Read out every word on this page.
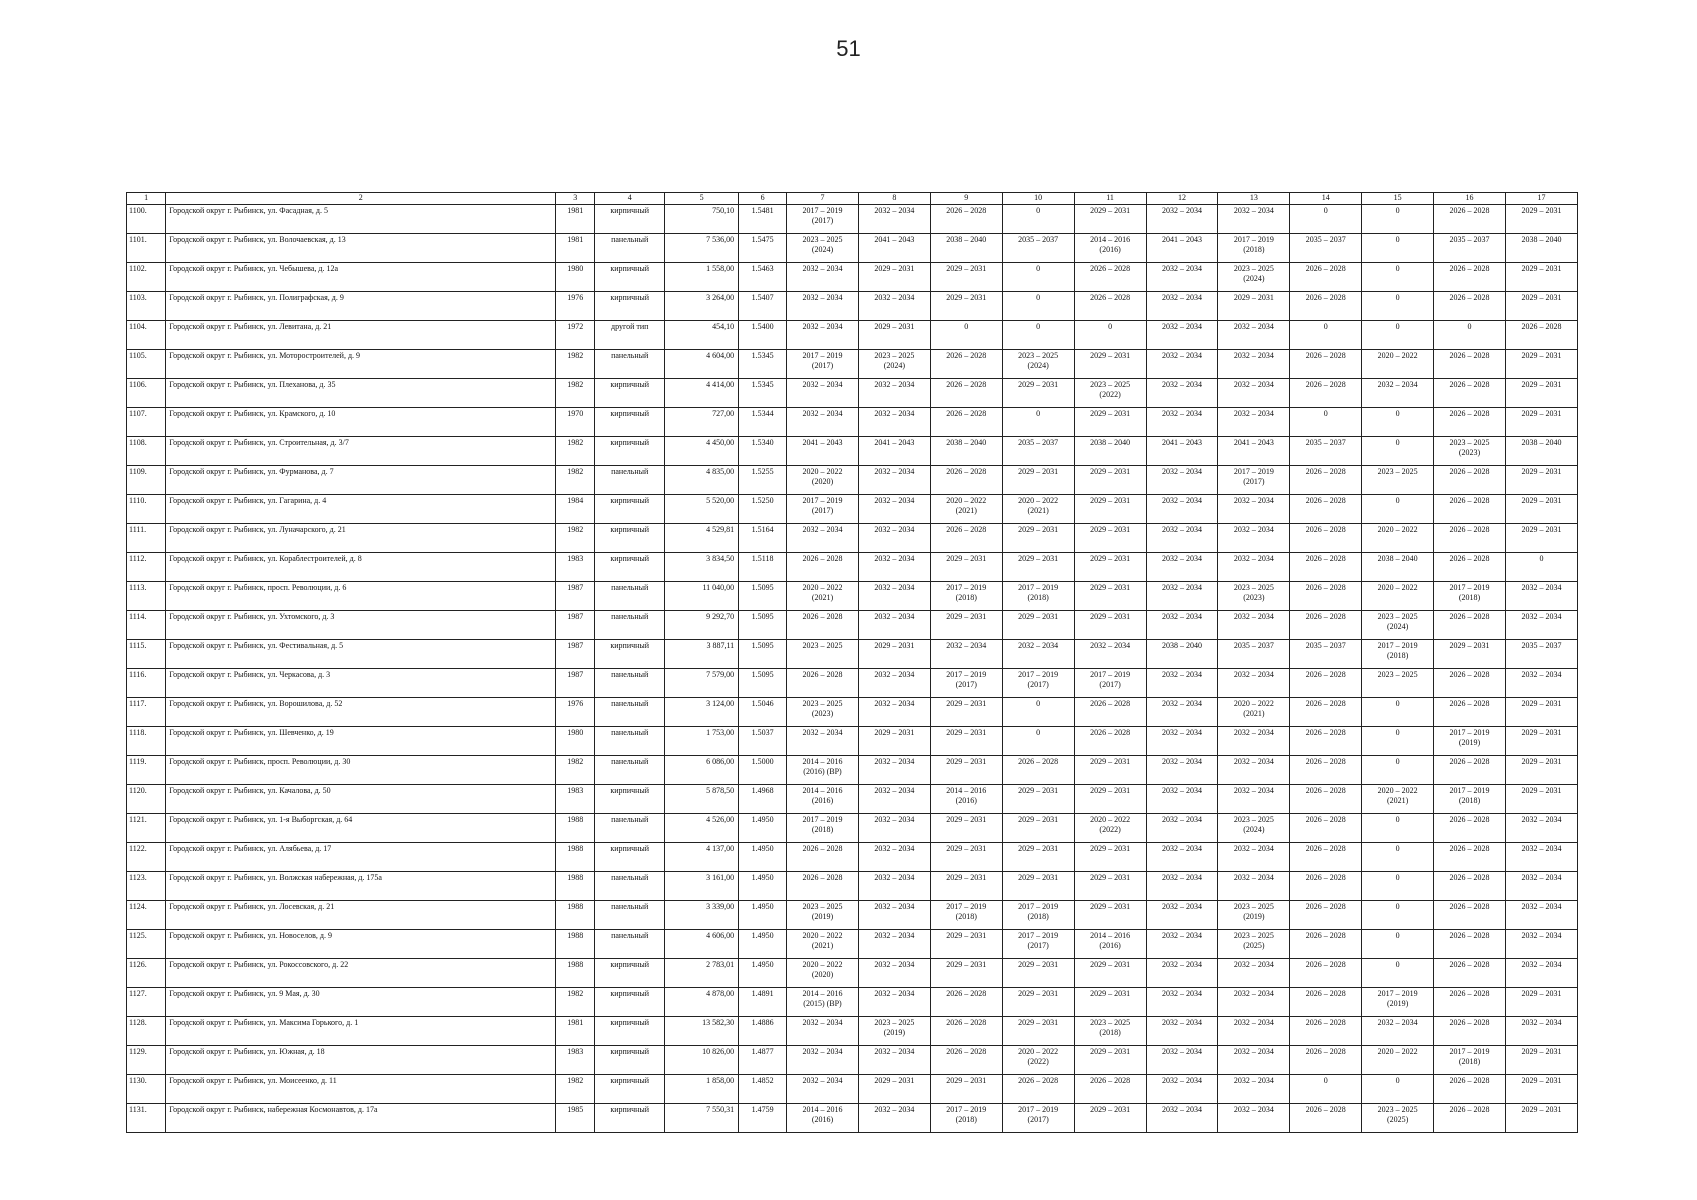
51
1	2	3	4	5	6	7	8	9	10	11	12	13	14	15	16	17
1100.	Городской округ г. Рыбинск, ул. Фасадная, д. 5	1981	кирпичный	750,10	1.5481	2017 – 2019
(2017)	2032 – 2034	2026 – 2028	0	2029 – 2031	2032 – 2034	2032 – 2034	0	0	2026 – 2028	2029 – 2031
1101.	Городской округ г. Рыбинск, ул. Волочаевская, д. 13	1981	панельный	7 536,00	1.5475	2023 – 2025
(2024)	2041 – 2043	2038 – 2040	2035 – 2037	2014 – 2016
(2016)	2041 – 2043	2017 – 2019
(2018)	2035 – 2037	0	2035 – 2037	2038 – 2040
1102.	Городской округ г. Рыбинск, ул. Чебышева, д. 12а	1980	кирпичный	1 558,00	1.5463	2032 – 2034	2029 – 2031	2029 – 2031	0	2026 – 2028	2032 – 2034	2023 – 2025
(2024)	2026 – 2028	0	2026 – 2028	2029 – 2031
1103.	Городской округ г. Рыбинск, ул. Полиграфская, д. 9	1976	кирпичный	3 264,00	1.5407	2032 – 2034	2032 – 2034	2029 – 2031	0	2026 – 2028	2032 – 2034	2029 – 2031	2026 – 2028	0	2026 – 2028	2029 – 2031
1104.	Городской округ г. Рыбинск, ул. Левитана, д. 21	1972	другой тип	454,10	1.5400	2032 – 2034	2029 – 2031	0	0	0	2032 – 2034	2032 – 2034	0	0	0	2026 – 2028
1105.	Городской округ г. Рыбинск, ул. Моторостроителей, д. 9	1982	панельный	4 604,00	1.5345	2017 – 2019
(2017)	2023 – 2025
(2024)	2026 – 2028	2023 – 2025
(2024)	2029 – 2031	2032 – 2034	2032 – 2034	2026 – 2028	2020 – 2022	2026 – 2028	2029 – 2031
1106.	Городской округ г. Рыбинск, ул. Плеханова, д. 35	1982	кирпичный	4 414,00	1.5345	2032 – 2034	2032 – 2034	2026 – 2028	2029 – 2031	2023 – 2025
(2022)	2032 – 2034	2032 – 2034	2026 – 2028	2032 – 2034	2026 – 2028	2029 – 2031
1107.	Городской округ г. Рыбинск, ул. Крамского, д. 10	1970	кирпичный	727,00	1.5344	2032 – 2034	2032 – 2034	2026 – 2028	0	2029 – 2031	2032 – 2034	2032 – 2034	0	0	2026 – 2028	2029 – 2031
1108.	Городской округ г. Рыбинск, ул. Строительная, д. 3/7	1982	кирпичный	4 450,00	1.5340	2041 – 2043	2041 – 2043	2038 – 2040	2035 – 2037	2038 – 2040	2041 – 2043	2041 – 2043	2035 – 2037	0	2023 – 2025
(2023)	2038 – 2040
1109.	Городской округ г. Рыбинск, ул. Фурманова, д. 7	1982	панельный	4 835,00	1.5255	2020 – 2022
(2020)	2032 – 2034	2026 – 2028	2029 – 2031	2029 – 2031	2032 – 2034	2017 – 2019
(2017)	2026 – 2028	2023 – 2025	2026 – 2028	2029 – 2031
1110.	Городской округ г. Рыбинск, ул. Гагарина, д. 4	1984	кирпичный	5 520,00	1.5250	2017 – 2019
(2017)	2032 – 2034	2020 – 2022
(2021)	2020 – 2022
(2021)	2029 – 2031	2032 – 2034	2032 – 2034	2026 – 2028	0	2026 – 2028	2029 – 2031
1111.	Городской округ г. Рыбинск, ул. Луначарского, д. 21	1982	кирпичный	4 529,81	1.5164	2032 – 2034	2032 – 2034	2026 – 2028	2029 – 2031	2029 – 2031	2032 – 2034	2032 – 2034	2026 – 2028	2020 – 2022	2026 – 2028	2029 – 2031
1112.	Городской округ г. Рыбинск, ул. Кораблестроителей, д. 8	1983	кирпичный	3 834,50	1.5118	2026 – 2028	2032 – 2034	2029 – 2031	2029 – 2031	2029 – 2031	2032 – 2034	2032 – 2034	2026 – 2028	2038 – 2040	2026 – 2028	0
1113.	Городской округ г. Рыбинск, просп. Революции, д. 6	1987	панельный	11 040,00	1.5095	2020 – 2022
(2021)	2032 – 2034	2017 – 2019
(2018)	2017 – 2019
(2018)	2029 – 2031	2032 – 2034	2023 – 2025
(2023)	2026 – 2028	2020 – 2022	2017 – 2019
(2018)	2032 – 2034
1114.	Городской округ г. Рыбинск, ул. Ухтомского, д. 3	1987	панельный	9 292,70	1.5095	2026 – 2028	2032 – 2034	2029 – 2031	2029 – 2031	2029 – 2031	2032 – 2034	2032 – 2034	2026 – 2028	2023 – 2025
(2024)	2026 – 2028	2032 – 2034
1115.	Городской округ г. Рыбинск, ул. Фестивальная, д. 5	1987	кирпичный	3 887,11	1.5095	2023 – 2025	2029 – 2031	2032 – 2034	2032 – 2034	2032 – 2034	2038 – 2040	2035 – 2037	2035 – 2037	2017 – 2019
(2018)	2029 – 2031	2035 – 2037
1116.	Городской округ г. Рыбинск, ул. Черкасова, д. 3	1987	панельный	7 579,00	1.5095	2026 – 2028	2032 – 2034	2017 – 2019
(2017)	2017 – 2019
(2017)	2017 – 2019
(2017)	2032 – 2034	2032 – 2034	2026 – 2028	2023 – 2025	2026 – 2028	2032 – 2034
1117.	Городской округ г. Рыбинск, ул. Ворошилова, д. 52	1976	панельный	3 124,00	1.5046	2023 – 2025
(2023)	2032 – 2034	2029 – 2031	0	2026 – 2028	2032 – 2034	2020 – 2022
(2021)	2026 – 2028	0	2026 – 2028	2029 – 2031
1118.	Городской округ г. Рыбинск, ул. Шевченко, д. 19	1980	панельный	1 753,00	1.5037	2032 – 2034	2029 – 2031	2029 – 2031	0	2026 – 2028	2032 – 2034	2032 – 2034	2026 – 2028	0	2017 – 2019
(2019)	2029 – 2031
1119.	Городской округ г. Рыбинск, просп. Революции, д. 30	1982	панельный	6 086,00	1.5000	2014 – 2016
(2016) (ВР)	2032 – 2034	2029 – 2031	2026 – 2028	2029 – 2031	2032 – 2034	2032 – 2034	2026 – 2028	0	2026 – 2028	2029 – 2031
1120.	Городской округ г. Рыбинск, ул. Качалова, д. 50	1983	кирпичный	5 878,50	1.4968	2014 – 2016
(2016)	2032 – 2034	2014 – 2016
(2016)	2029 – 2031	2029 – 2031	2032 – 2034	2032 – 2034	2026 – 2028	2020 – 2022
(2021)	2017 – 2019
(2018)	2029 – 2031
1121.	Городской округ г. Рыбинск, ул. 1-я Выборгская, д. 64	1988	панельный	4 526,00	1.4950	2017 – 2019
(2018)	2032 – 2034	2029 – 2031	2029 – 2031	2020 – 2022
(2022)	2032 – 2034	2023 – 2025
(2024)	2026 – 2028	0	2026 – 2028	2032 – 2034
1122.	Городской округ г. Рыбинск, ул. Алябьева, д. 17	1988	кирпичный	4 137,00	1.4950	2026 – 2028	2032 – 2034	2029 – 2031	2029 – 2031	2029 – 2031	2032 – 2034	2032 – 2034	2026 – 2028	0	2026 – 2028	2032 – 2034
1123.	Городской округ г. Рыбинск, ул. Волжская набережная, д. 175а	1988	панельный	3 161,00	1.4950	2026 – 2028	2032 – 2034	2029 – 2031	2029 – 2031	2029 – 2031	2032 – 2034	2032 – 2034	2026 – 2028	0	2026 – 2028	2032 – 2034
1124.	Городской округ г. Рыбинск, ул. Лосевская, д. 21	1988	панельный	3 339,00	1.4950	2023 – 2025
(2019)	2032 – 2034	2017 – 2019
(2018)	2017 – 2019
(2018)	2029 – 2031	2032 – 2034	2023 – 2025
(2019)	2026 – 2028	0	2026 – 2028	2032 – 2034
1125.	Городской округ г. Рыбинск, ул. Новоселов, д. 9	1988	панельный	4 606,00	1.4950	2020 – 2022
(2021)	2032 – 2034	2029 – 2031	2017 – 2019
(2017)	2014 – 2016
(2016)	2032 – 2034	2023 – 2025
(2025)	2026 – 2028	0	2026 – 2028	2032 – 2034
1126.	Городской округ г. Рыбинск, ул. Рокоссовского, д. 22	1988	кирпичный	2 783,01	1.4950	2020 – 2022
(2020)	2032 – 2034	2029 – 2031	2029 – 2031	2029 – 2031	2032 – 2034	2032 – 2034	2026 – 2028	0	2026 – 2028	2032 – 2034
1127.	Городской округ г. Рыбинск, ул. 9 Мая, д. 30	1982	кирпичный	4 878,00	1.4891	2014 – 2016
(2015) (ВР)	2032 – 2034	2026 – 2028	2029 – 2031	2029 – 2031	2032 – 2034	2032 – 2034	2026 – 2028	2017 – 2019
(2019)	2026 – 2028	2029 – 2031
1128.	Городской округ г. Рыбинск, ул. Максима Горького, д. 1	1981	кирпичный	13 582,30	1.4886	2032 – 2034	2023 – 2025
(2019)	2026 – 2028	2029 – 2031	2023 – 2025
(2018)	2032 – 2034	2032 – 2034	2026 – 2028	2032 – 2034	2026 – 2028	2032 – 2034
1129.	Городской округ г. Рыбинск, ул. Южная, д. 18	1983	кирпичный	10 826,00	1.4877	2032 – 2034	2032 – 2034	2026 – 2028	2020 – 2022
(2022)	2029 – 2031	2032 – 2034	2032 – 2034	2026 – 2028	2020 – 2022	2017 – 2019
(2018)	2029 – 2031
1130.	Городской округ г. Рыбинск, ул. Моисеенко, д. 11	1982	кирпичный	1 858,00	1.4852	2032 – 2034	2029 – 2031	2029 – 2031	2026 – 2028	2026 – 2028	2032 – 2034	2032 – 2034	0	0	2026 – 2028	2029 – 2031
1131.	Городской округ г. Рыбинск, набережная Космонавтов, д. 17а	1985	кирпичный	7 550,31	1.4759	2014 – 2016
(2016)	2032 – 2034	2017 – 2019
(2018)	2017 – 2019
(2017)	2029 – 2031	2032 – 2034	2032 – 2034	2026 – 2028	2023 – 2025
(2025)	2026 – 2028	2029 – 2031
